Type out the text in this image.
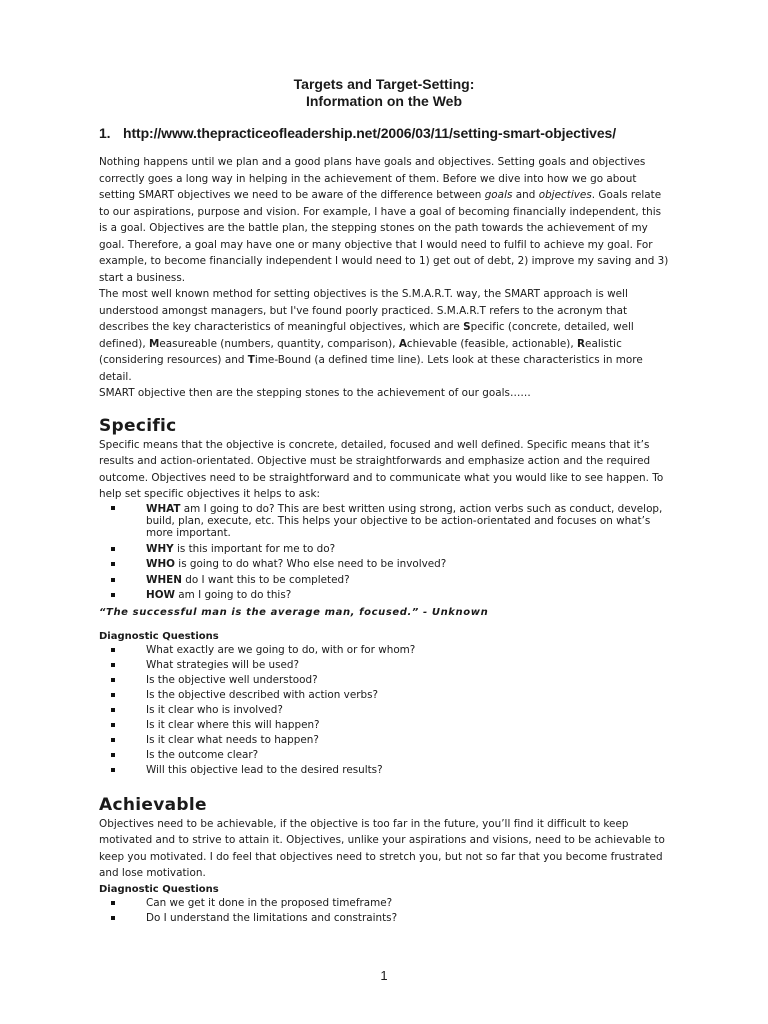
Targets and Target-Setting:
Information on the Web

1. http://www.thepracticeofleadership.net/2006/03/11/setting-smart-objectives/

Nothing happens until we plan and a good plans have goals and objectives. Setting goals and objectives correctly goes a long way in helping in the achievement of them. Before we dive into how we go about setting SMART objectives we need to be aware of the difference between goals and objectives. Goals relate to our aspirations, purpose and vision. For example, I have a goal of becoming financially independent, this is a goal. Objectives are the battle plan, the stepping stones on the path towards the achievement of my goal. Therefore, a goal may have one or many objective that I would need to fulfil to achieve my goal. For example, to become financially independent I would need to 1) get out of debt, 2) improve my saving and 3) start a business.

The most well known method for setting objectives is the S.M.A.R.T. way, the SMART approach is well understood amongst managers, but I've found poorly practiced. S.M.A.R.T refers to the acronym that describes the key characteristics of meaningful objectives, which are Specific (concrete, detailed, well defined), Measureable (numbers, quantity, comparison), Achievable (feasible, actionable), Realistic (considering resources) and Time-Bound (a defined time line). Lets look at these characteristics in more detail.

SMART objective then are the stepping stones to the achievement of our goals……

Specific

Specific means that the objective is concrete, detailed, focused and well defined. Specific means that it’s results and action-orientated. Objective must be straightforwards and emphasize action and the required outcome. Objectives need to be straightforward and to communicate what you would like to see happen. To help set specific objectives it helps to ask:

WHAT am I going to do? This are best written using strong, action verbs such as conduct, develop, build, plan, execute, etc. This helps your objective to be action-orientated and focuses on what’s more important.
WHY is this important for me to do?
WHO is going to do what? Who else need to be involved?
WHEN do I want this to be completed?
HOW am I going to do this?

“The successful man is the average man, focused.” - Unknown

Diagnostic Questions

What exactly are we going to do, with or for whom?
What strategies will be used?
Is the objective well understood?
Is the objective described with action verbs?
Is it clear who is involved?
Is it clear where this will happen?
Is it clear what needs to happen?
Is the outcome clear?
Will this objective lead to the desired results?
Achievable

Objectives need to be achievable, if the objective is too far in the future, you’ll find it difficult to keep motivated and to strive to attain it. Objectives, unlike your aspirations and visions, need to be achievable to keep you motivated. I do feel that objectives need to stretch you, but not so far that you become frustrated and lose motivation.

Diagnostic Questions

Can we get it done in the proposed timeframe?
Do I understand the limitations and constraints?
1
